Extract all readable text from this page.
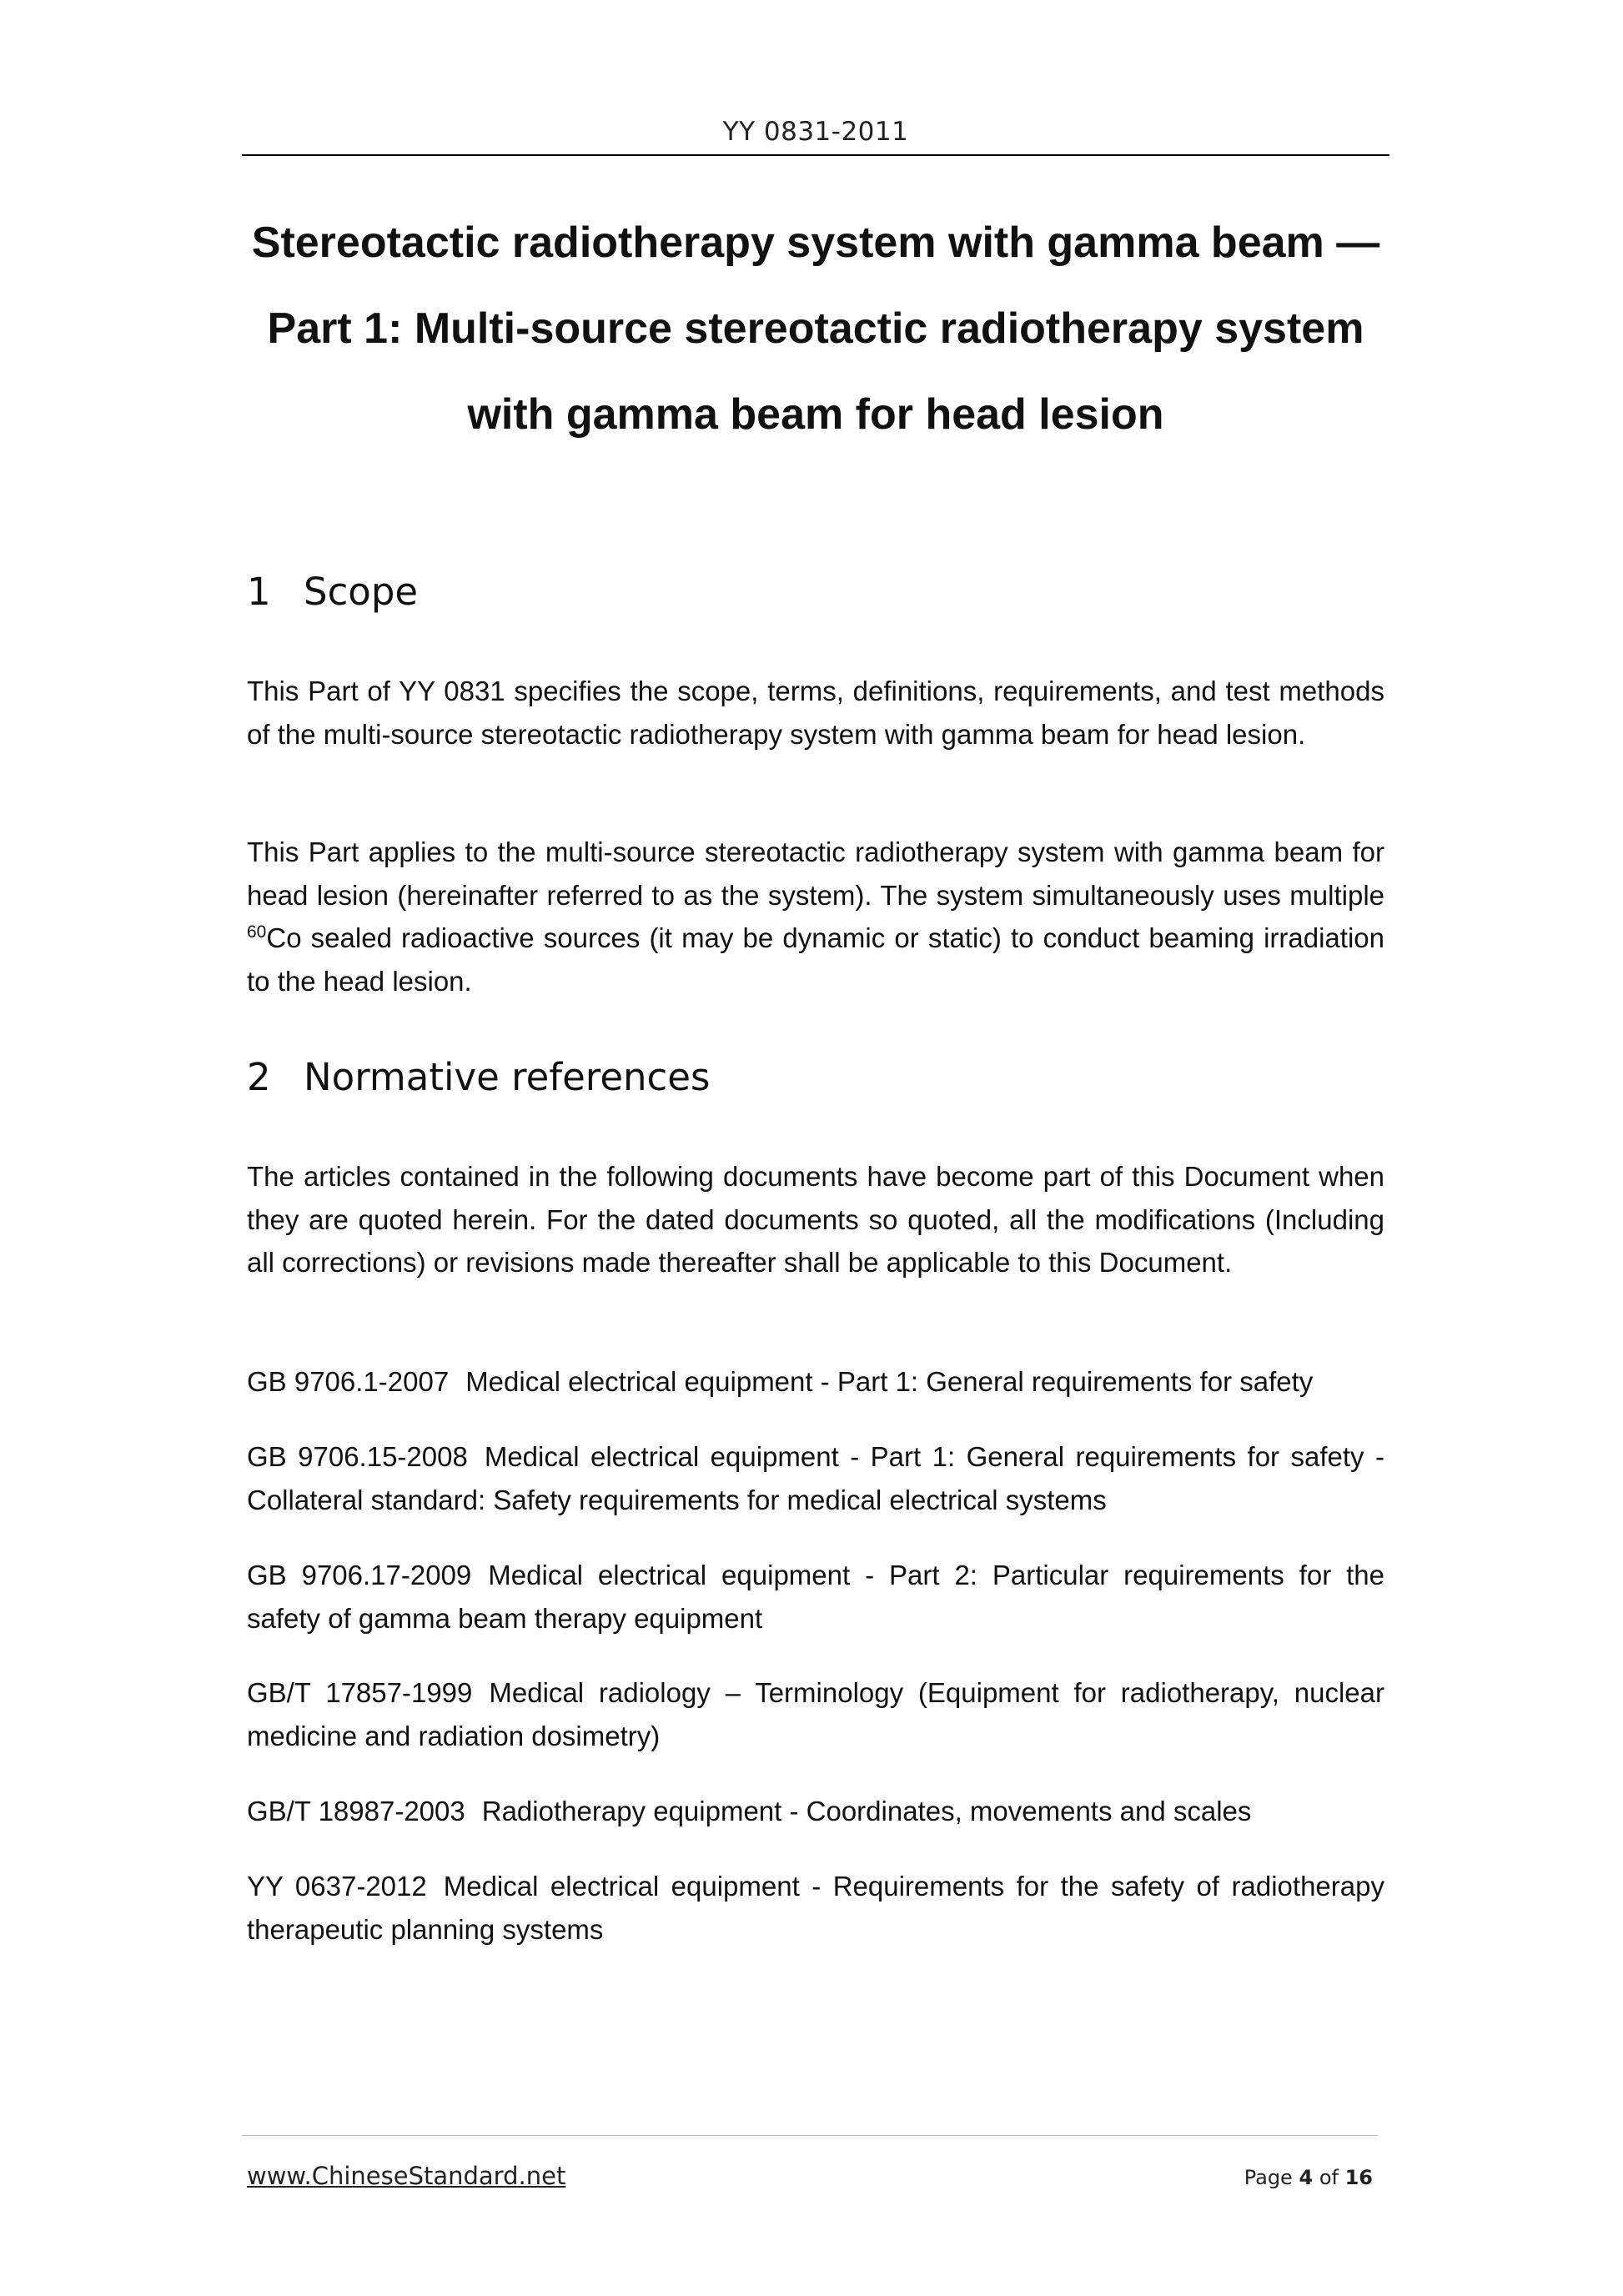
YY 0831-2011
Stereotactic radiotherapy system with gamma beam —
Part 1: Multi-source stereotactic radiotherapy system
with gamma beam for head lesion
1 Scope

This Part of YY 0831 specifies the scope, terms, definitions, requirements, and test methods of the multi-source stereotactic radiotherapy system with gamma beam for head lesion.

This Part applies to the multi-source stereotactic radiotherapy system with gamma beam for head lesion (hereinafter referred to as the system). The system simultaneously uses multiple $^{60}$Co sealed radioactive sources (it may be dynamic or static) to conduct beaming irradiation to the head lesion.

2 Normative references

The articles contained in the following documents have become part of this Document when they are quoted herein. For the dated documents so quoted, all the modifications (Including all corrections) or revisions made thereafter shall be applicable to this Document.

GB 9706.1-2007 Medical electrical equipment - Part 1: General requirements for safety

GB 9706.15-2008 Medical electrical equipment - Part 1: General requirements for safety - Collateral standard: Safety requirements for medical electrical systems

GB 9706.17-2009 Medical electrical equipment - Part 2: Particular requirements for the safety of gamma beam therapy equipment

GB/T 17857-1999 Medical radiology – Terminology (Equipment for radiotherapy, nuclear medicine and radiation dosimetry)

GB/T 18987-2003 Radiotherapy equipment - Coordinates, movements and scales

YY 0637-2012 Medical electrical equipment - Requirements for the safety of radiotherapy therapeutic planning systems

www.ChineseStandard.net	Page 4 of 16
